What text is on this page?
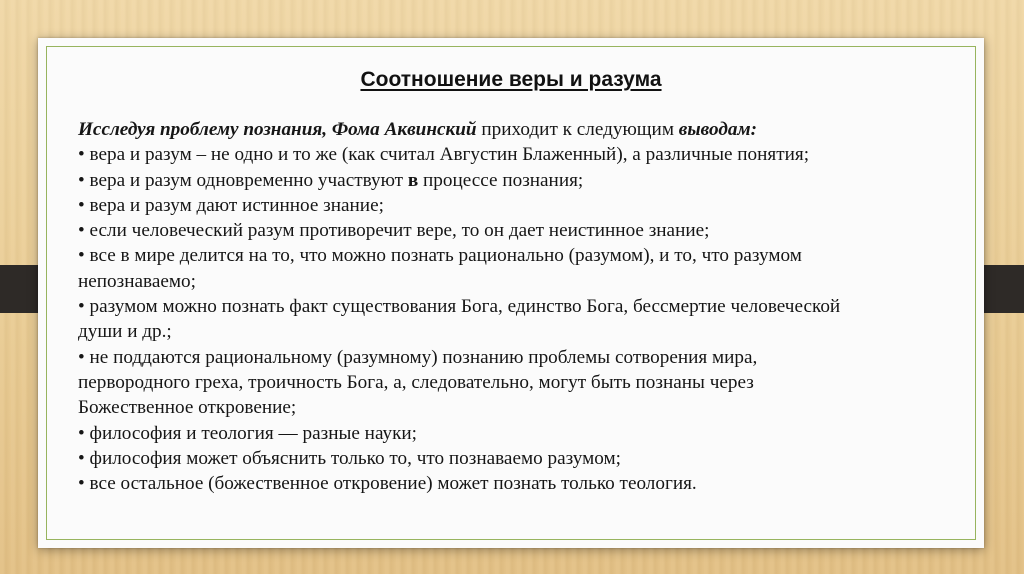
Соотношение веры и разума
Исследуя проблему познания, Фома Аквинский приходит к следующим выводам:
• вера и разум – не одно и то же (как считал Августин Блаженный), а различные понятия;
• вера и разум одновременно участвуют в процессе познания;
• вера и разум дают истинное знание;
• если человеческий разум противоречит вере, то он дает неистинное знание;
• все в мире делится на то, что можно познать рационально (разумом), и то, что разумом
непознаваемо;
• разумом можно познать факт существования Бога, единство Бога, бессмертие человеческой
души и др.;
• не поддаются рациональному (разумному) познанию проблемы сотворения мира,
первородного греха, троичность Бога, а, следовательно, могут быть познаны через
Божественное откровение;
• философия и теология — разные науки;
• философия может объяснить только то, что познаваемо разумом;
• все остальное (божественное откровение) может познать только теология.
